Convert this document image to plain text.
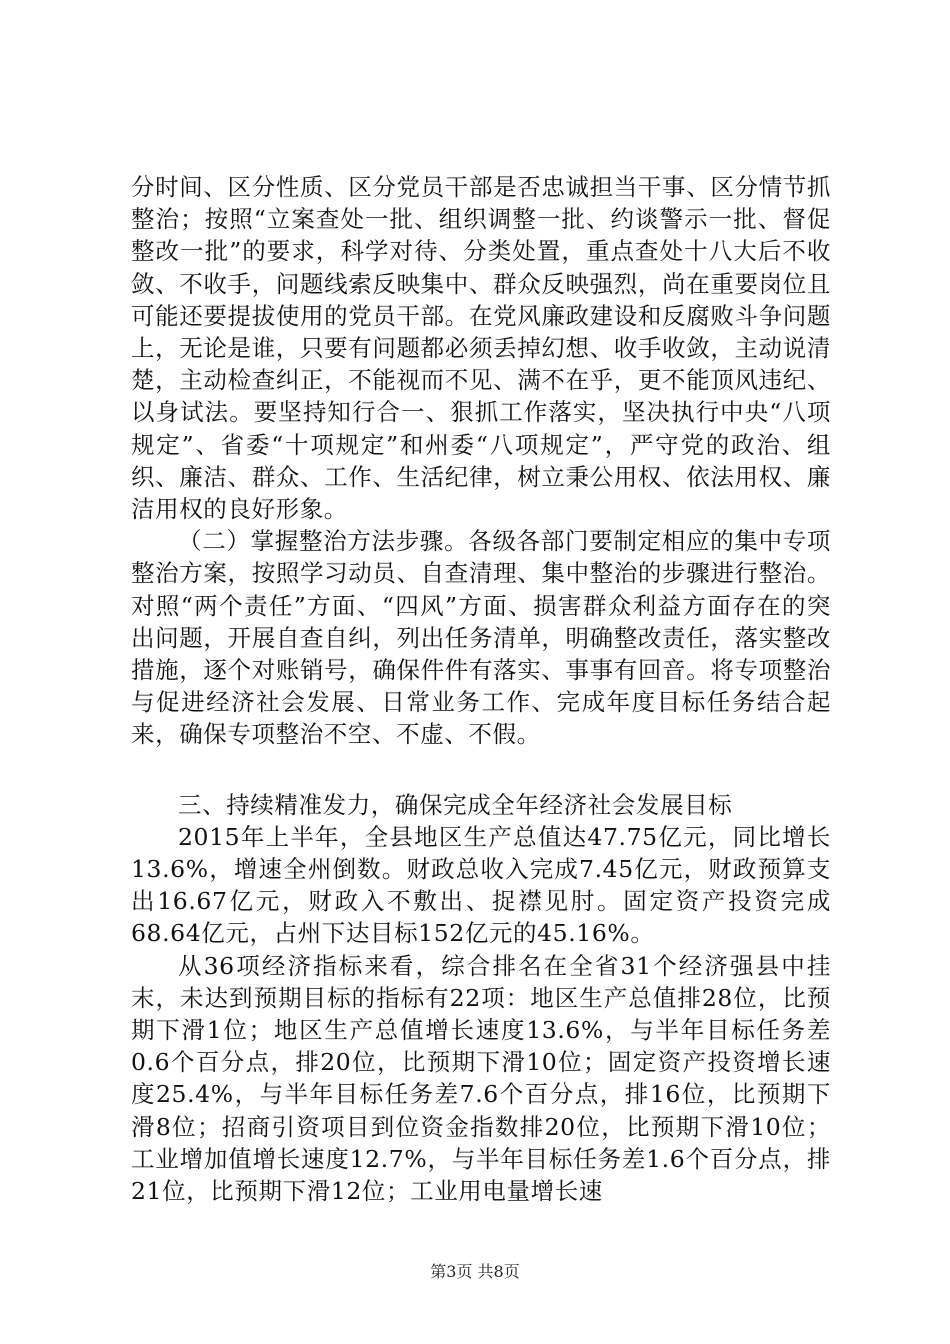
分时间、区分性质、区分党员干部是否忠诚担当干事、区分情节抓整治；按照“立案查处一批、组织调整一批、约谈警示一批、督促整改一批”的要求，科学对待、分类处置，重点查处十八大后不收敛、不收手，问题线索反映集中、群众反映强烈，尚在重要岗位且可能还要提拔使用的党员干部。在党风廉政建设和反腐败斗争问题上，无论是谁，只要有问题都必须丢掉幻想、收手收敛，主动说清楚，主动检查纠正，不能视而不见、满不在乎，更不能顶风违纪、以身试法。要坚持知行合一、狠抓工作落实，坚决执行中央“八项规定”、省委“十项规定”和州委“八项规定”，严守党的政治、组织、廉洁、群众、工作、生活纪律，树立秉公用权、依法用权、廉洁用权的良好形象。

（二）掌握整治方法步骤。各级各部门要制定相应的集中专项整治方案，按照学习动员、自查清理、集中整治的步骤进行整治。对照“两个责任”方面、“四风”方面、损害群众利益方面存在的突出问题，开展自查自纠，列出任务清单，明确整改责任，落实整改措施，逐个对账销号，确保件件有落实、事事有回音。将专项整治与促进经济社会发展、日常业务工作、完成年度目标任务结合起来，确保专项整治不空、不虚、不假。

三、持续精准发力，确保完成全年经济社会发展目标

2015年上半年，全县地区生产总值达47.75亿元，同比增长13.6%，增速全州倒数。财政总收入完成7.45亿元，财政预算支出16.67亿元，财政入不敷出、捉襟见肘。固定资产投资完成68.64亿元，占州下达目标152亿元的45.16%。

从36项经济指标来看，综合排名在全省31个经济强县中挂末，未达到预期目标的指标有22项：地区生产总值排28位，比预期下滑1位；地区生产总值增长速度13.6%，与半年目标任务差0.6个百分点，排20位，比预期下滑10位；固定资产投资增长速度25.4%，与半年目标任务差7.6个百分点，排16位，比预期下滑8位；招商引资项目到位资金指数排20位，比预期下滑10位；工业增加值增长速度12.7%，与半年目标任务差1.6个百分点，排21位，比预期下滑12位；工业用电量增长速

第3页 共8页
